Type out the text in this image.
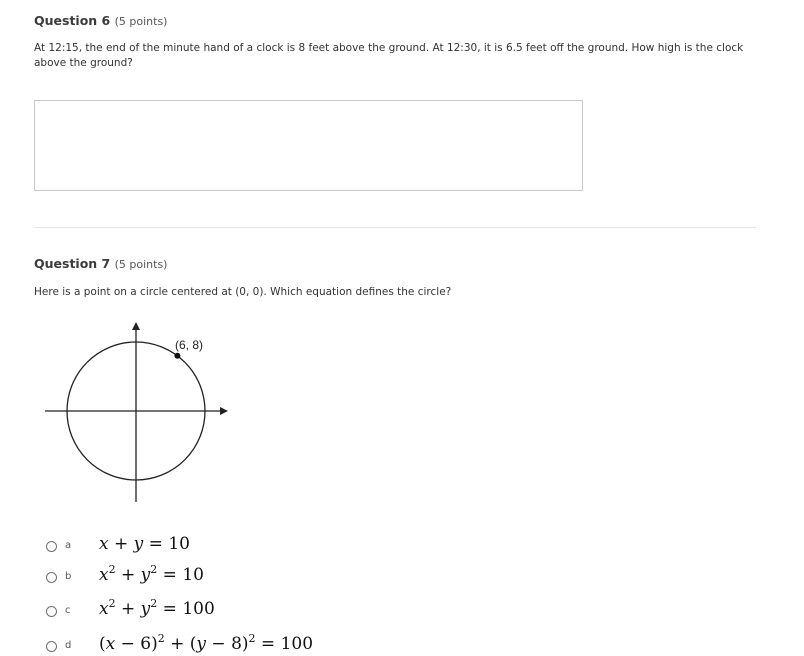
Question 6 (5 points)
At 12:15, the end of the minute hand of a clock is 8 feet above the ground. At 12:30, it is 6.5 feet off the ground. How high is the clock above the ground?
Question 7 (5 points)
Here is a point on a circle centered at (0, 0). Which equation defines the circle?
(6, 8)
a x + y = 10
b $x^2 + y^2 = 10$
c $x^2 + y^2 = 100$
d $(x - 6)^2 + (y - 8)^2 = 100$
